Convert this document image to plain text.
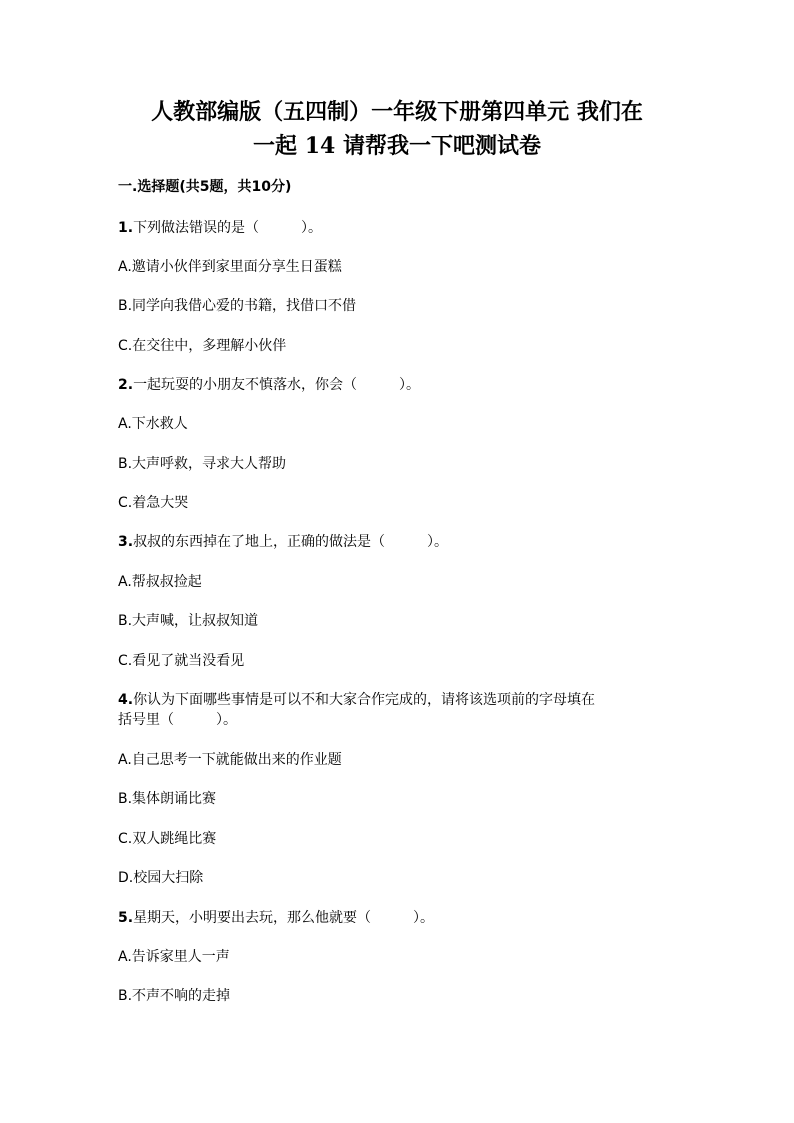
人教部编版（五四制）一年级下册第四单元 我们在
一起 14 请帮我一下吧测试卷
一.选择题(共5题，共10分)
1.下列做法错误的是（　　　）。
A.邀请小伙伴到家里面分享生日蛋糕
B.同学向我借心爱的书籍，找借口不借
C.在交往中，多理解小伙伴
2.一起玩耍的小朋友不慎落水，你会（　　　）。
A.下水救人
B.大声呼救，寻求大人帮助
C.着急大哭
3.叔叔的东西掉在了地上，正确的做法是（　　　）。
A.帮叔叔捡起
B.大声喊，让叔叔知道
C.看见了就当没看见
4.你认为下面哪些事情是可以不和大家合作完成的，请将该选项前的字母填在
括号里（　　　）。
A.自己思考一下就能做出来的作业题
B.集体朗诵比赛
C.双人跳绳比赛
D.校园大扫除
5.星期天，小明要出去玩，那么他就要（　　　）。
A.告诉家里人一声
B.不声不响的走掉
